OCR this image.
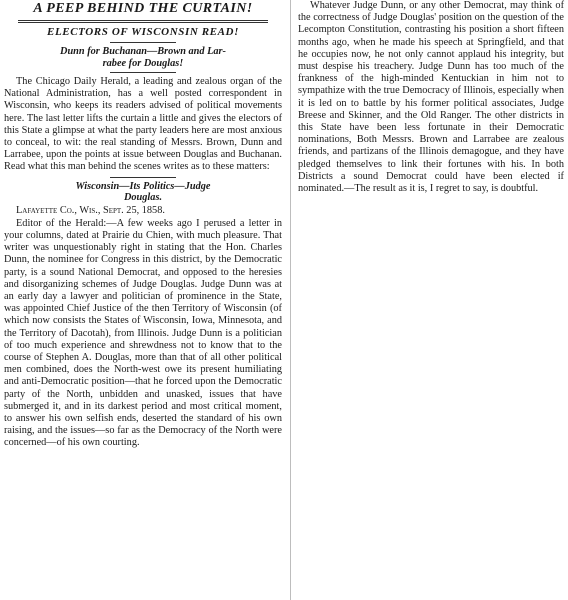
A PEEP BEHIND THE CURTAIN!
ELECTORS OF WISCONSIN READ!
Dunn for Buchanan—Brown and Lar-
rabee for Douglas!

The Chicago Daily Herald, a leading and zealous organ of the National Administration, has a well posted correspondent in Wisconsin, who keeps its readers advised of political movements here. The last letter lifts the curtain a little and gives the electors of this State a glimpse at what the party leaders here are most anxious to conceal, to wit: the real standing of Messrs. Brown, Dunn and Larrabee, upon the points at issue between Douglas and Buchanan. Read what this man behind the scenes writes as to these matters:

Wisconsin—Its Politics—Judge
Douglas.

Lafayette Co., Wis., Sept. 25, 1858.

Editor of the Herald:—A few weeks ago I perused a letter in your columns, dated at Prairie du Chien, with much pleasure. That writer was unquestionably right in stating that the Hon. Charles Dunn, the nominee for Congress in this district, by the Democratic party, is a sound National Democrat, and opposed to the heresies and disorganizing schemes of Judge Douglas. Judge Dunn was at an early day a lawyer and politician of prominence in the State, was appointed Chief Justice of the then Territory of Wisconsin (of which now consists the States of Wisconsin, Iowa, Minnesota, and the Territory of Dacotah), from Illinois. Judge Dunn is a politician of too much experience and shrewdness not to know that to the course of Stephen A. Douglas, more than that of all other political men combined, does the North-west owe its present humiliating and anti-Democratic position—that he forced upon the Democratic party of the North, unbidden and unasked, issues that have submerged it, and in its darkest period and most critical moment, to answer his own selfish ends, deserted the standard of his own raising, and the issues—so far as the Democracy of the North were concerned—of his own courting.

Whatever Judge Dunn, or any other Democrat, may think of the correctness of Judge Douglas' position on the question of the Lecompton Constitution, contrasting his position a short fifteen months ago, when he made his speech at Springfield, and that he occupies now, he not only cannot applaud his integrity, but must despise his treachery. Judge Dunn has too much of the frankness of the high-minded Kentuckian in him not to sympathize with the true Democracy of Illinois, especially when it is led on to battle by his former political associates, Judge Breese and Skinner, and the Old Ranger. The other districts in this State have been less fortunate in their Democratic nominations, Both Messrs. Brown and Larrabee are zealous friends, and partizans of the Illinois demagogue, and they have pledged themselves to link their fortunes with his. In both Districts a sound Democrat could have been elected if nominated.—The result as it is, I regret to say, is doubtful.
